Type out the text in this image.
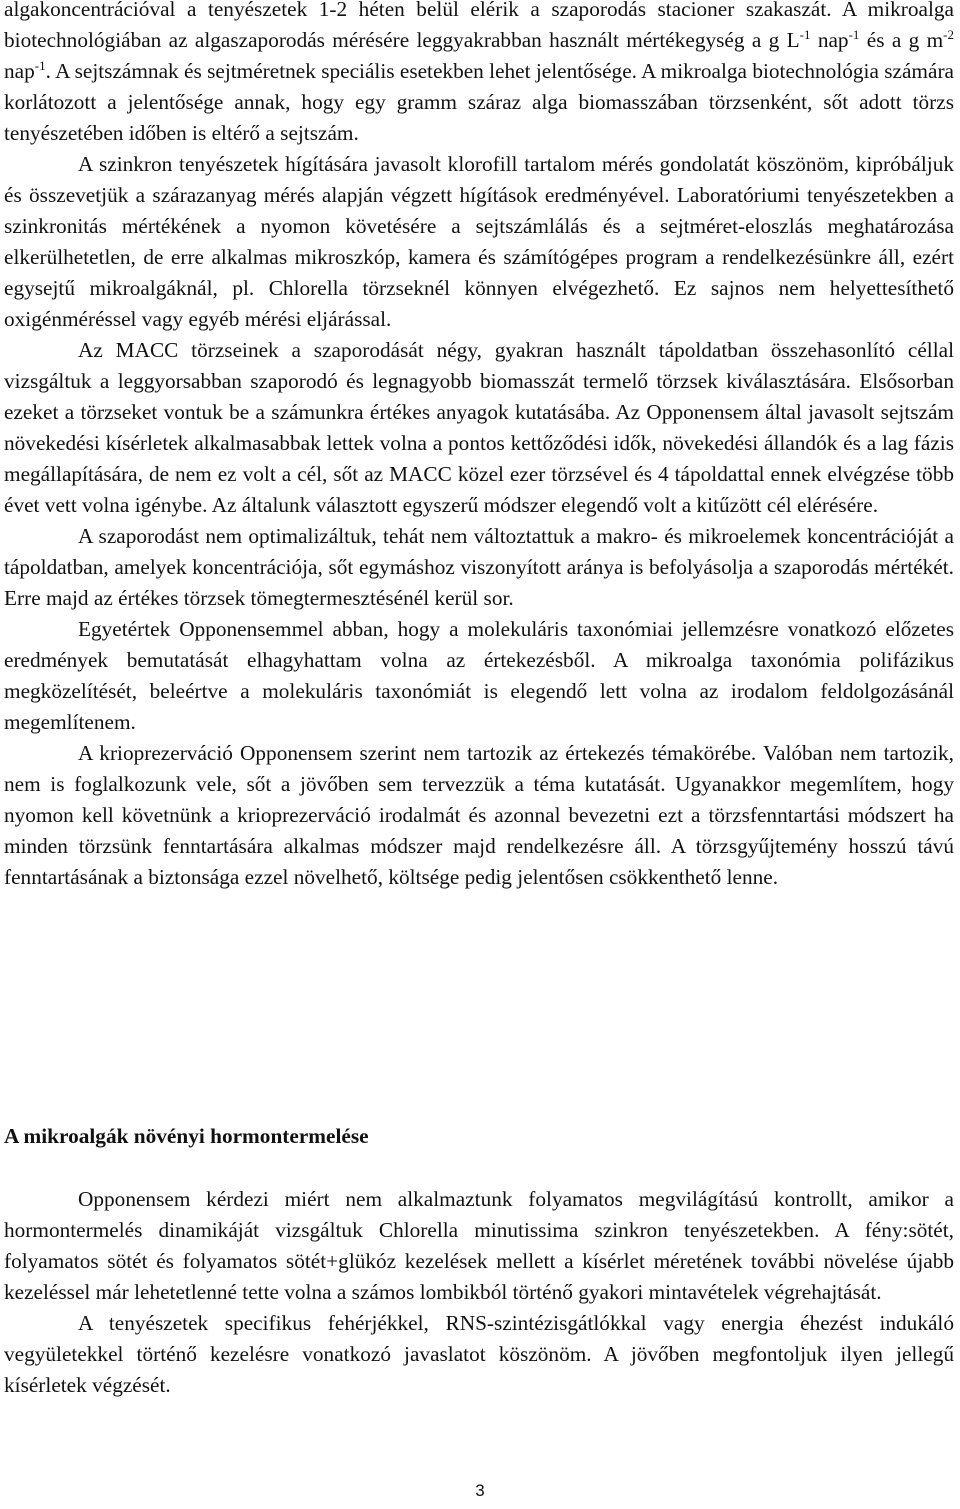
algakoncentrációval a tenyészetek 1-2 héten belül elérik a szaporodás stacioner szakaszát. A mikroalga biotechnológiában az algaszaporodás mérésére leggyakrabban használt mértékegység a g $L^{-1}$ nap$^{-1}$ és a g $m^{-2}$ nap$^{-1}$. A sejtszámnak és sejtméretnek speciális esetekben lehet jelentősége. A mikroalga biotechnológia számára korlátozott a jelentősége annak, hogy egy gramm száraz alga biomasszában törzsenként, sőt adott törzs tenyészetében időben is eltérő a sejtszám.

A szinkron tenyészetek hígítására javasolt klorofill tartalom mérés gondolatát köszönöm, kipróbáljuk és összevetjük a szárazanyag mérés alapján végzett hígítások eredményével. Laboratóriumi tenyészetekben a szinkronitás mértékének a nyomon követésére a sejtszámlálás és a sejtméret-eloszlás meghatározása elkerülhetetlen, de erre alkalmas mikroszkóp, kamera és számítógépes program a rendelkezésünkre áll, ezért egysejtű mikroalgáknál, pl. Chlorella törzseknél könnyen elvégezhető. Ez sajnos nem helyettesíthető oxigénméréssel vagy egyéb mérési eljárással.

Az MACC törzseinek a szaporodását négy, gyakran használt tápoldatban összehasonlító céllal vizsgáltuk a leggyorsabban szaporodó és legnagyobb biomasszát termelő törzsek kiválasztására. Elsősorban ezeket a törzseket vontuk be a számunkra értékes anyagok kutatásába. Az Opponensem által javasolt sejtszám növekedési kísérletek alkalmasabbak lettek volna a pontos kettőződési idők, növekedési állandók és a lag fázis megállapítására, de nem ez volt a cél, sőt az MACC közel ezer törzsével és 4 tápoldattal ennek elvégzése több évet vett volna igénybe. Az általunk választott egyszerű módszer elegendő volt a kitűzött cél elérésére.

A szaporodást nem optimalizáltuk, tehát nem változtattuk a makro- és mikroelemek koncentrációját a tápoldatban, amelyek koncentrációja, sőt egymáshoz viszonyított aránya is befolyásolja a szaporodás mértékét. Erre majd az értékes törzsek tömegtermesztésénél kerül sor.

Egyetértek Opponensemmel abban, hogy a molekuláris taxonómiai jellemzésre vonatkozó előzetes eredmények bemutatását elhagyhattam volna az értekezésből. A mikroalga taxonómia polifázikus megközelítését, beleértve a molekuláris taxonómiát is elegendő lett volna az irodalom feldolgozásánál megemlítenem.

A krioprezerváció Opponensem szerint nem tartozik az értekezés témakörébe. Valóban nem tartozik, nem is foglalkozunk vele, sőt a jövőben sem tervezzük a téma kutatását. Ugyanakkor megemlítem, hogy nyomon kell követnünk a krioprezerváció irodalmát és azonnal bevezetni ezt a törzsfenntartási módszert ha minden törzsünk fenntartására alkalmas módszer majd rendelkezésre áll. A törzsgyűjtemény hosszú távú fenntartásának a biztonsága ezzel növelhető, költsége pedig jelentősen csökkenthető lenne.

A mikroalgák növényi hormontermelése

Opponensem kérdezi miért nem alkalmaztunk folyamatos megvilágítású kontrollt, amikor a hormontermelés dinamikáját vizsgáltuk Chlorella minutissima szinkron tenyészetekben. A fény:sötét, folyamatos sötét és folyamatos sötét+glükóz kezelések mellett a kísérlet méretének további növelése újabb kezeléssel már lehetetlenné tette volna a számos lombikból történő gyakori mintavételek végrehajtását.

A tenyészetek specifikus fehérjékkel, RNS-szintézisgátlókkal vagy energia éhezést indukáló vegyületekkel történő kezelésre vonatkozó javaslatot köszönöm. A jövőben megfontoljuk ilyen jellegű kísérletek végzését.

3
